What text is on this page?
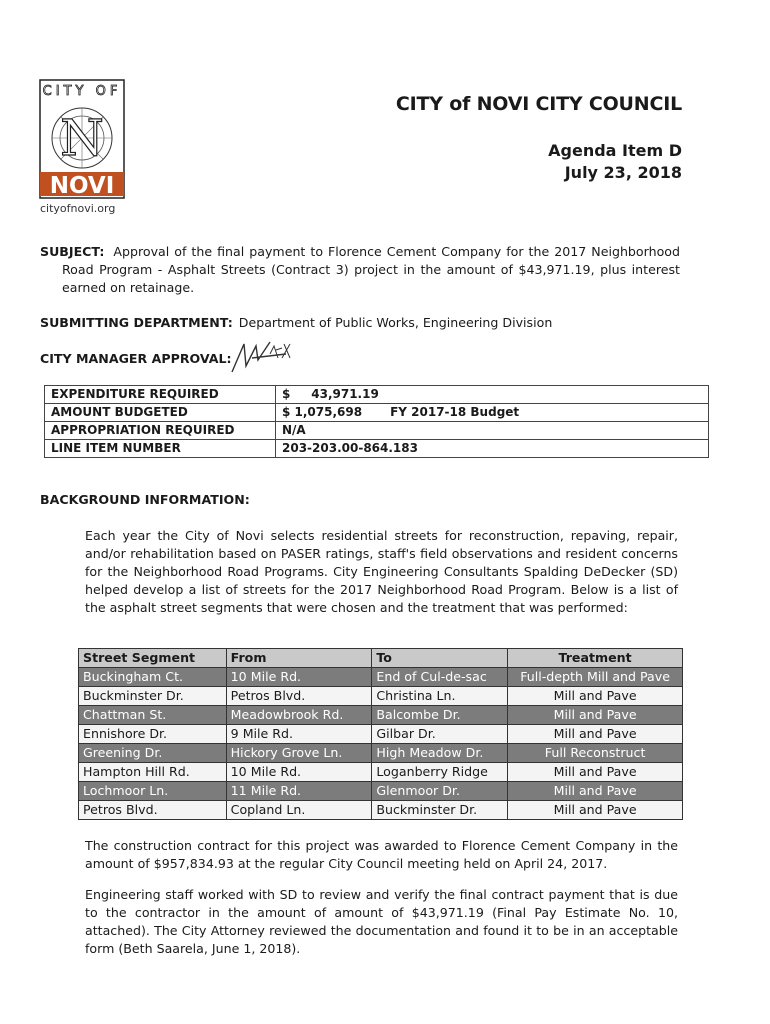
CITY OF
N
NOVI
cityofnovi.org
CITY of NOVI CITY COUNCIL
Agenda Item D
July 23, 2018
SUBJECT: Approval of the final payment to Florence Cement Company for the 2017 Neighborhood Road Program - Asphalt Streets (Contract 3) project in the amount of $43,971.19, plus interest earned on retainage.
SUBMITTING DEPARTMENT: Department of Public Works, Engineering Division
CITY MANAGER APPROVAL:
EXPENDITURE REQUIRED	$     43,971.19
AMOUNT BUDGETED	$ 1,075,698 FY 2017-18 Budget
APPROPRIATION REQUIRED	N/A
LINE ITEM NUMBER	203-203.00-864.183
BACKGROUND INFORMATION:
Each year the City of Novi selects residential streets for reconstruction, repaving, repair, and/or rehabilitation based on PASER ratings, staff's field observations and resident concerns for the Neighborhood Road Programs. City Engineering Consultants Spalding DeDecker (SD) helped develop a list of streets for the 2017 Neighborhood Road Program. Below is a list of the asphalt street segments that were chosen and the treatment that was performed:
Street Segment	From	To	Treatment
Buckingham Ct.	10 Mile Rd.	End of Cul-de-sac	Full-depth Mill and Pave
Buckminster Dr.	Petros Blvd.	Christina Ln.	Mill and Pave
Chattman St.	Meadowbrook Rd.	Balcombe Dr.	Mill and Pave
Ennishore Dr.	9 Mile Rd.	Gilbar Dr.	Mill and Pave
Greening Dr.	Hickory Grove Ln.	High Meadow Dr.	Full Reconstruct
Hampton Hill Rd.	10 Mile Rd.	Loganberry Ridge	Mill and Pave
Lochmoor Ln.	11 Mile Rd.	Glenmoor Dr.	Mill and Pave
Petros Blvd.	Copland Ln.	Buckminster Dr.	Mill and Pave
The construction contract for this project was awarded to Florence Cement Company in the amount of $957,834.93 at the regular City Council meeting held on April 24, 2017.
Engineering staff worked with SD to review and verify the final contract payment that is due to the contractor in the amount of amount of $43,971.19 (Final Pay Estimate No. 10, attached). The City Attorney reviewed the documentation and found it to be in an acceptable form (Beth Saarela, June 1, 2018).
